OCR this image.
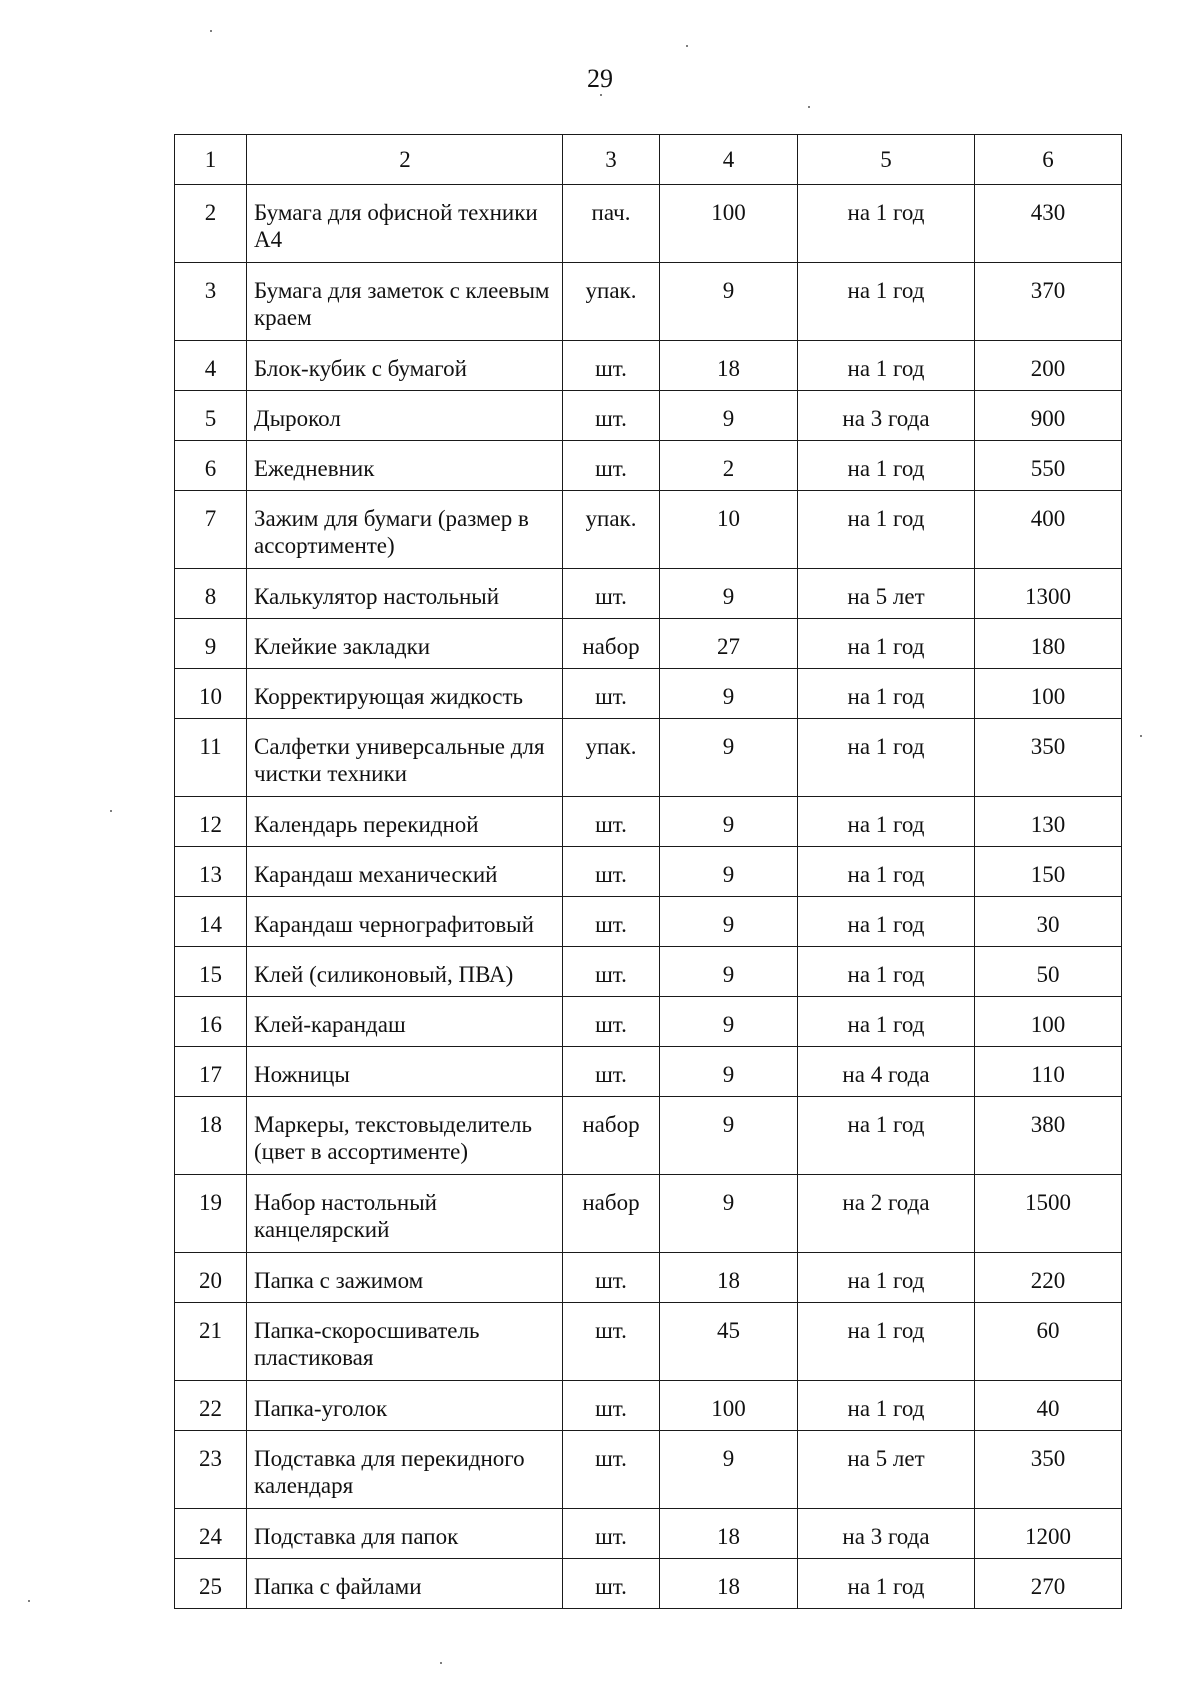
29
1	2	3	4	5	6
2	Бумага для офисной техники А4	пач.	100	на 1 год	430
3	Бумага для заметок с клеевым краем	упак.	9	на 1 год	370
4	Блок-кубик с бумагой	шт.	18	на 1 год	200
5	Дырокол	шт.	9	на 3 года	900
6	Ежедневник	шт.	2	на 1 год	550
7	Зажим для бумаги (размер в ассортименте)	упак.	10	на 1 год	400
8	Калькулятор настольный	шт.	9	на 5 лет	1300
9	Клейкие закладки	набор	27	на 1 год	180
10	Корректирующая жидкость	шт.	9	на 1 год	100
11	Салфетки универсальные для чистки техники	упак.	9	на 1 год	350
12	Календарь перекидной	шт.	9	на 1 год	130
13	Карандаш механический	шт.	9	на 1 год	150
14	Карандаш чернографитовый	шт.	9	на 1 год	30
15	Клей (силиконовый, ПВА)	шт.	9	на 1 год	50
16	Клей-карандаш	шт.	9	на 1 год	100
17	Ножницы	шт.	9	на 4 года	110
18	Маркеры, текстовыделитель (цвет в ассортименте)	набор	9	на 1 год	380
19	Набор настольный канцелярский	набор	9	на 2 года	1500
20	Папка с зажимом	шт.	18	на 1 год	220
21	Папка-скоросшиватель пластиковая	шт.	45	на 1 год	60
22	Папка-уголок	шт.	100	на 1 год	40
23	Подставка для перекидного календаря	шт.	9	на 5 лет	350
24	Подставка для папок	шт.	18	на 3 года	1200
25	Папка с файлами	шт.	18	на 1 год	270
